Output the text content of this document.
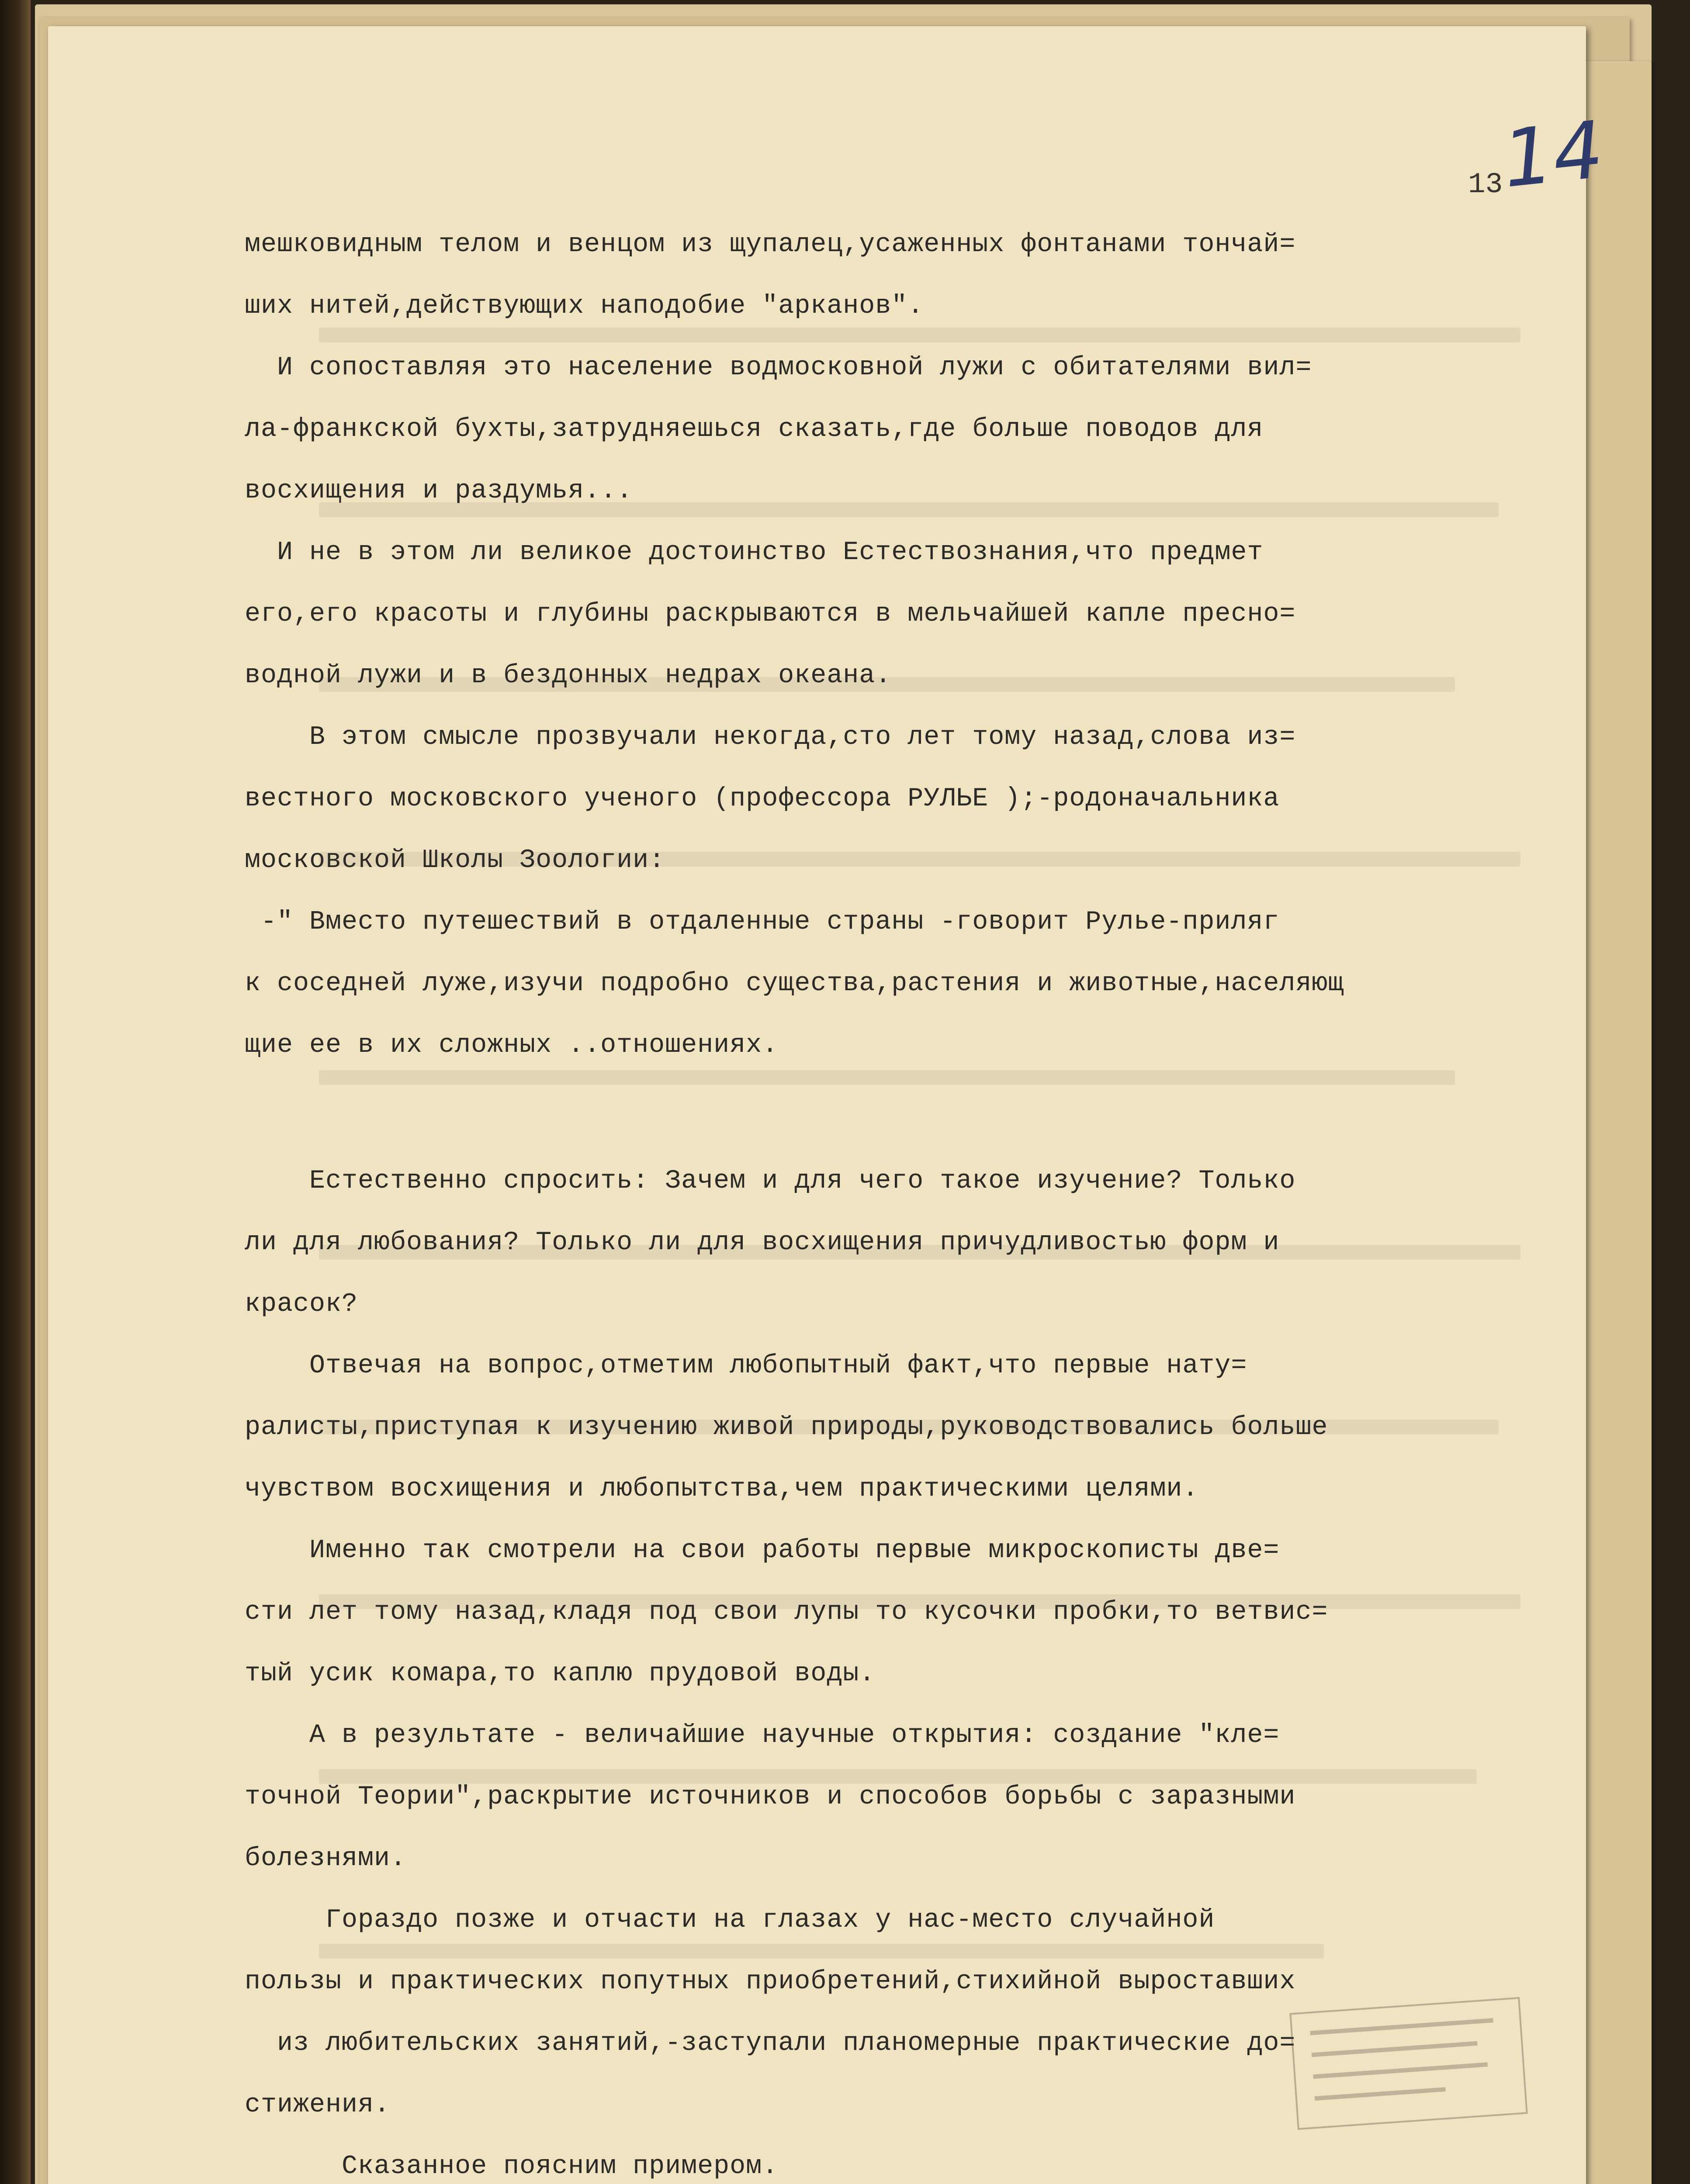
14
13
мешковидным телом и венцом из щупалец,усаженных фонтанами тончай=
ших нитей,действующих наподобие "арканов".
И сопоставляя это население водмосковной лужи с обитателями вил=
ла-франкской бухты,затрудняешься сказать,где больше поводов для
восхищения и раздумья...
И не в этом ли великое достоинство Естествознания,что предмет
его,его красоты и глубины раскрываются в мельчайшей капле пресно=
водной лужи и в бездонных недрах океана.
В этом смысле прозвучали некогда,сто лет тому назад,слова из=
вестного московского ученого (профессора РУЛЬЕ );-родоначальника
московской Школы Зоологии:
-" Вместо путешествий в отдаленные страны -говорит Рулье-приляг
к соседней луже,изучи подробно существа,растения и животные,населяющ
щие ее в их сложных ..отношениях.
Естественно спросить: Зачем и для чего такое изучение? Только
ли для любования? Только ли для восхищения причудливостью форм и
красок?
Отвечая на вопрос,отметим любопытный факт,что первые нату=
ралисты,приступая к изучению живой природы,руководствовались больше
чувством восхищения и любопытства,чем практическими целями.
Именно так смотрели на свои работы первые микроскописты две=
сти лет тому назад,кладя под свои лупы то кусочки пробки,то ветвис=
тый усик комара,то каплю прудовой воды.
А в результате - величайшие научные открытия: создание "кле=
точной Теории",раскрытие источников и способов борьбы с заразными
болезнями.
Гораздо позже и отчасти на глазах у нас-место случайной
пользы и практических попутных приобретений,стихийной выроставших
из любительских занятий,-заступали планомерные практические до=
стижения.
Сказанное поясним примером.
